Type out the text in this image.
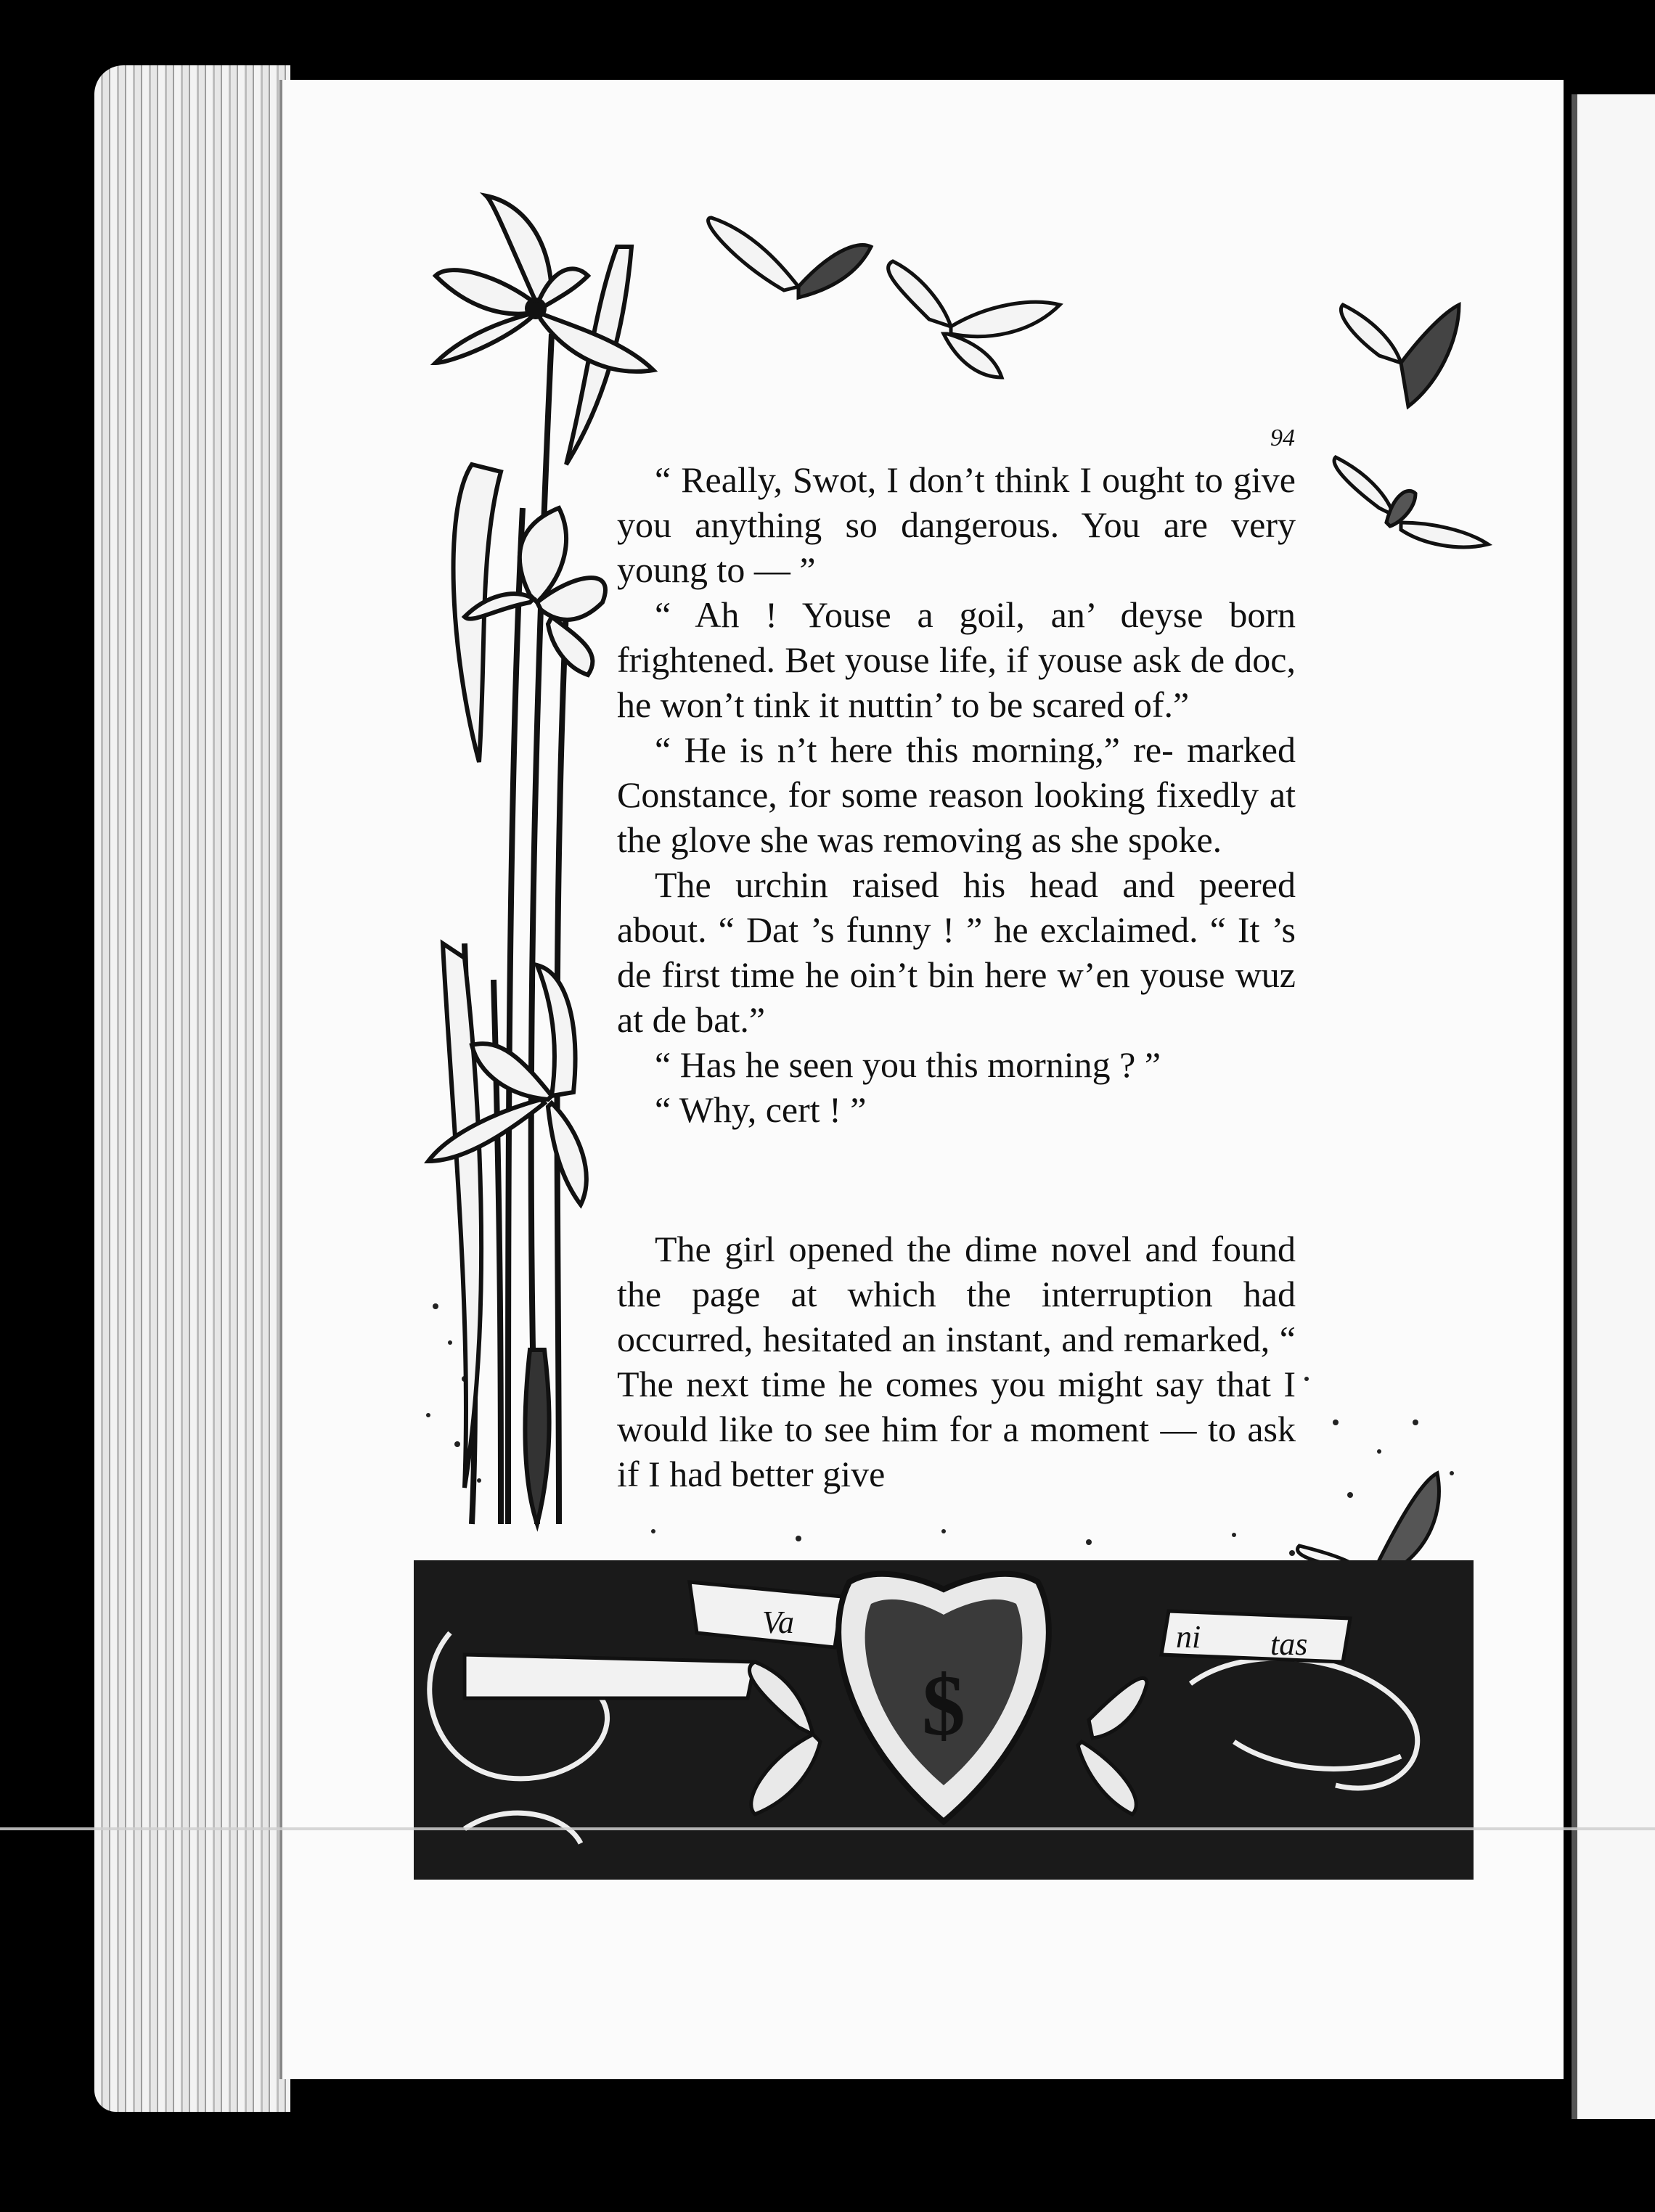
Va	ni tas
$
94

“ Really, Swot, I don’t think I ought to give you anything so dangerous. You are very young to — ”

“ Ah ! Youse a goil, an’ deyse born frightened. Bet youse life, if youse ask de doc, he won’t tink it nuttin’ to be scared of.”

“ He is n’t here this morning,” re- marked Constance, for some reason looking fixedly at the glove she was removing as she spoke.

The urchin raised his head and peered about. “ Dat ’s funny ! ” he exclaimed. “ It ’s de first time he oin’t bin here w’en youse wuz at de bat.”

“ Has he seen you this morning ? ”

“ Why, cert ! ”

The girl opened the dime novel and found the page at which the interruption had occurred, hesitated an instant, and remarked, “ The next time he comes you might say that I would like to see him for a moment — to ask if I had better give
